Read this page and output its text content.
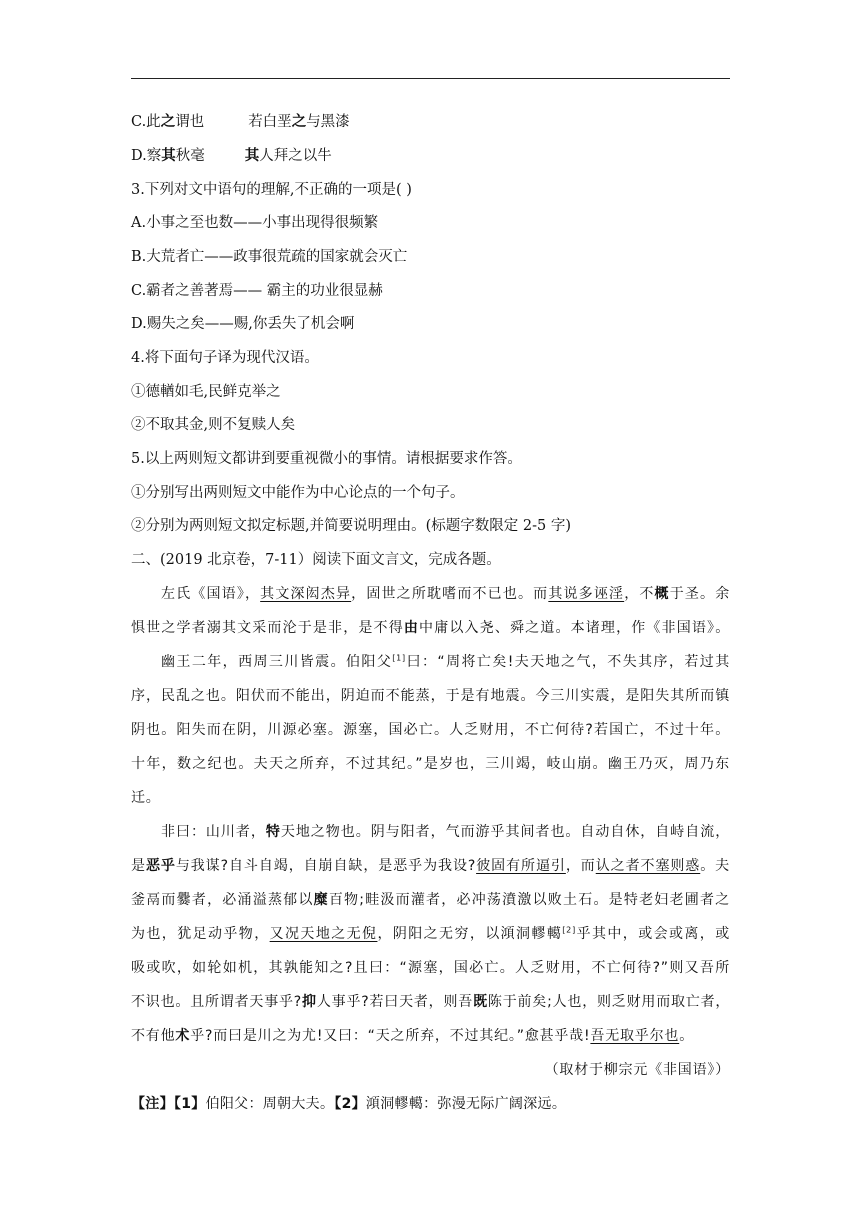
C.此之谓也	若白垩之与黑漆
D.察其秋毫	其人拜之以牛
3.下列对文中语句的理解,不正确的一项是( )
A.小事之至也数——小事出现得很频繁
B.大荒者亡——政事很荒疏的国家就会灭亡
C.霸者之善著焉—— 霸主的功业很显赫
D.赐失之矣——赐,你丢失了机会啊
4.将下面句子译为现代汉语。
①德輶如毛,民鲜克举之
②不取其金,则不复赎人矣
5.以上两则短文都讲到要重视微小的事情。请根据要求作答。
①分别写出两则短文中能作为中心论点的一个句子。
②分别为两则短文拟定标题,并简要说明理由。(标题字数限定 2-5 字)
二、(2019 北京卷，7-11）阅读下面文言文，完成各题。
左氏《国语》，其文深闳杰异，固世之所耽嗜而不已也。而其说多诬淫，不概于圣。余
惧世之学者溺其文采而沦于是非，是不得由中庸以入尧、舜之道。本诸理，作《非国语》。
幽王二年，西周三川皆震。伯阳父[1]曰：“周将亡矣!夫天地之气，不失其序，若过其
序，民乱之也。阳伏而不能出，阴迫而不能蒸，于是有地震。今三川实震，是阳失其所而镇
阴也。阳失而在阴，川源必塞。源塞，国必亡。人乏财用，不亡何待?若国亡，不过十年。
十年，数之纪也。夫天之所弃，不过其纪。”是岁也，三川竭，岐山崩。幽王乃灭，周乃东
迁。
非曰：山川者，特天地之物也。阴与阳者，气而游乎其间者也。自动自休，自峙自流，
是恶乎与我谋?自斗自竭，自崩自缺，是恶乎为我设?彼固有所逼引，而认之者不塞则惑。夫
釜鬲而爨者，必涌溢蒸郁以糜百物;畦汲而灌者，必冲荡濆激以败土石。是特老妇老圃者之
为也，犹足动乎物，又况天地之无倪，阴阳之无穷，以澒洞轇轕[2]乎其中，或会或离，或
吸或吹，如轮如机，其孰能知之?且曰：“源塞，国必亡。人乏财用，不亡何待?”则又吾所
不识也。且所谓者天事乎?抑人事乎?若曰天者，则吾既陈于前矣;人也，则乏财用而取亡者，
不有他术乎?而曰是川之为尤!又曰：“天之所弃，不过其纪。”愈甚乎哉!吾无取乎尔也。
（取材于柳宗元《非国语》）
【注】【1】伯阳父：周朝大夫。【2】澒洞轇轕：弥漫无际广阔深远。
